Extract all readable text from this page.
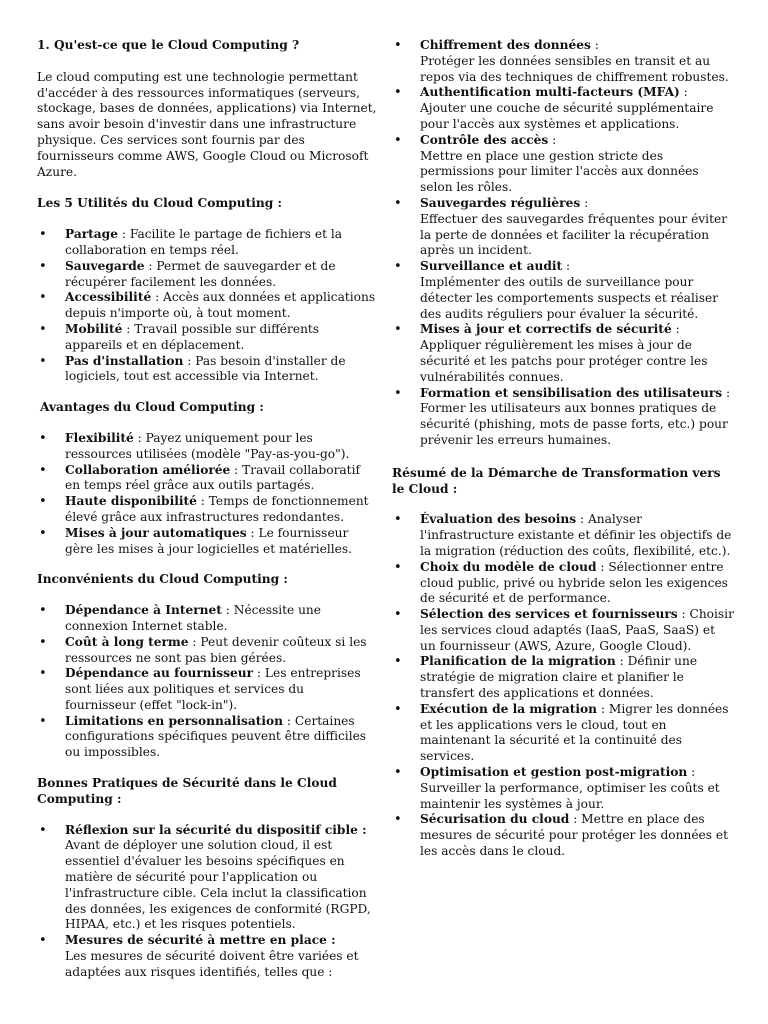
1. Qu'est-ce que le Cloud Computing ?

Le cloud computing est une technologie permettant d'accéder à des ressources informatiques (serveurs, stockage, bases de données, applications) via Internet, sans avoir besoin d'investir dans une infrastructure physique. Ces services sont fournis par des fournisseurs comme AWS, Google Cloud ou Microsoft Azure.

Les 5 Utilités du Cloud Computing :

• Partage : Facilite le partage de fichiers et la collaboration en temps réel.
• Sauvegarde : Permet de sauvegarder et de récupérer facilement les données.
• Accessibilité : Accès aux données et applications depuis n'importe où, à tout moment.
• Mobilité : Travail possible sur différents appareils et en déplacement.
• Pas d'installation : Pas besoin d'installer de logiciels, tout est accessible via Internet.

Avantages du Cloud Computing :

• Flexibilité : Payez uniquement pour les ressources utilisées (modèle "Pay-as-you-go").
• Collaboration améliorée : Travail collaboratif en temps réel grâce aux outils partagés.
• Haute disponibilité : Temps de fonctionnement élevé grâce aux infrastructures redondantes.
• Mises à jour automatiques : Le fournisseur gère les mises à jour logicielles et matérielles.

Inconvénients du Cloud Computing :

• Dépendance à Internet : Nécessite une connexion Internet stable.
• Coût à long terme : Peut devenir coûteux si les ressources ne sont pas bien gérées.
• Dépendance au fournisseur : Les entreprises sont liées aux politiques et services du fournisseur (effet "lock-in").
• Limitations en personnalisation : Certaines configurations spécifiques peuvent être difficiles ou impossibles.

Bonnes Pratiques de Sécurité dans le Cloud Computing :

• Réflexion sur la sécurité du dispositif cible :
Avant de déployer une solution cloud, il est essentiel d'évaluer les besoins spécifiques en matière de sécurité pour l'application ou l'infrastructure cible. Cela inclut la classification des données, les exigences de conformité (RGPD, HIPAA, etc.) et les risques potentiels.
• Mesures de sécurité à mettre en place :
Les mesures de sécurité doivent être variées et adaptées aux risques identifiés, telles que :
• Chiffrement des données :
Protéger les données sensibles en transit et au repos via des techniques de chiffrement robustes.
• Authentification multi-facteurs (MFA) :
Ajouter une couche de sécurité supplémentaire pour l'accès aux systèmes et applications.
• Contrôle des accès :
Mettre en place une gestion stricte des permissions pour limiter l'accès aux données selon les rôles.
• Sauvegardes régulières :
Effectuer des sauvegardes fréquentes pour éviter la perte de données et faciliter la récupération après un incident.
• Surveillance et audit :
Implémenter des outils de surveillance pour détecter les comportements suspects et réaliser des audits réguliers pour évaluer la sécurité.
• Mises à jour et correctifs de sécurité :
Appliquer régulièrement les mises à jour de sécurité et les patchs pour protéger contre les vulnérabilités connues.
• Formation et sensibilisation des utilisateurs :
Former les utilisateurs aux bonnes pratiques de sécurité (phishing, mots de passe forts, etc.) pour prévenir les erreurs humaines.

Résumé de la Démarche de Transformation vers le Cloud :

• Évaluation des besoins : Analyser l'infrastructure existante et définir les objectifs de la migration (réduction des coûts, flexibilité, etc.).
• Choix du modèle de cloud : Sélectionner entre cloud public, privé ou hybride selon les exigences de sécurité et de performance.
• Sélection des services et fournisseurs : Choisir les services cloud adaptés (IaaS, PaaS, SaaS) et un fournisseur (AWS, Azure, Google Cloud).
• Planification de la migration : Définir une stratégie de migration claire et planifier le transfert des applications et données.
• Exécution de la migration : Migrer les données et les applications vers le cloud, tout en maintenant la sécurité et la continuité des services.
• Optimisation et gestion post-migration : Surveiller la performance, optimiser les coûts et maintenir les systèmes à jour.
• Sécurisation du cloud : Mettre en place des mesures de sécurité pour protéger les données et les accès dans le cloud.
